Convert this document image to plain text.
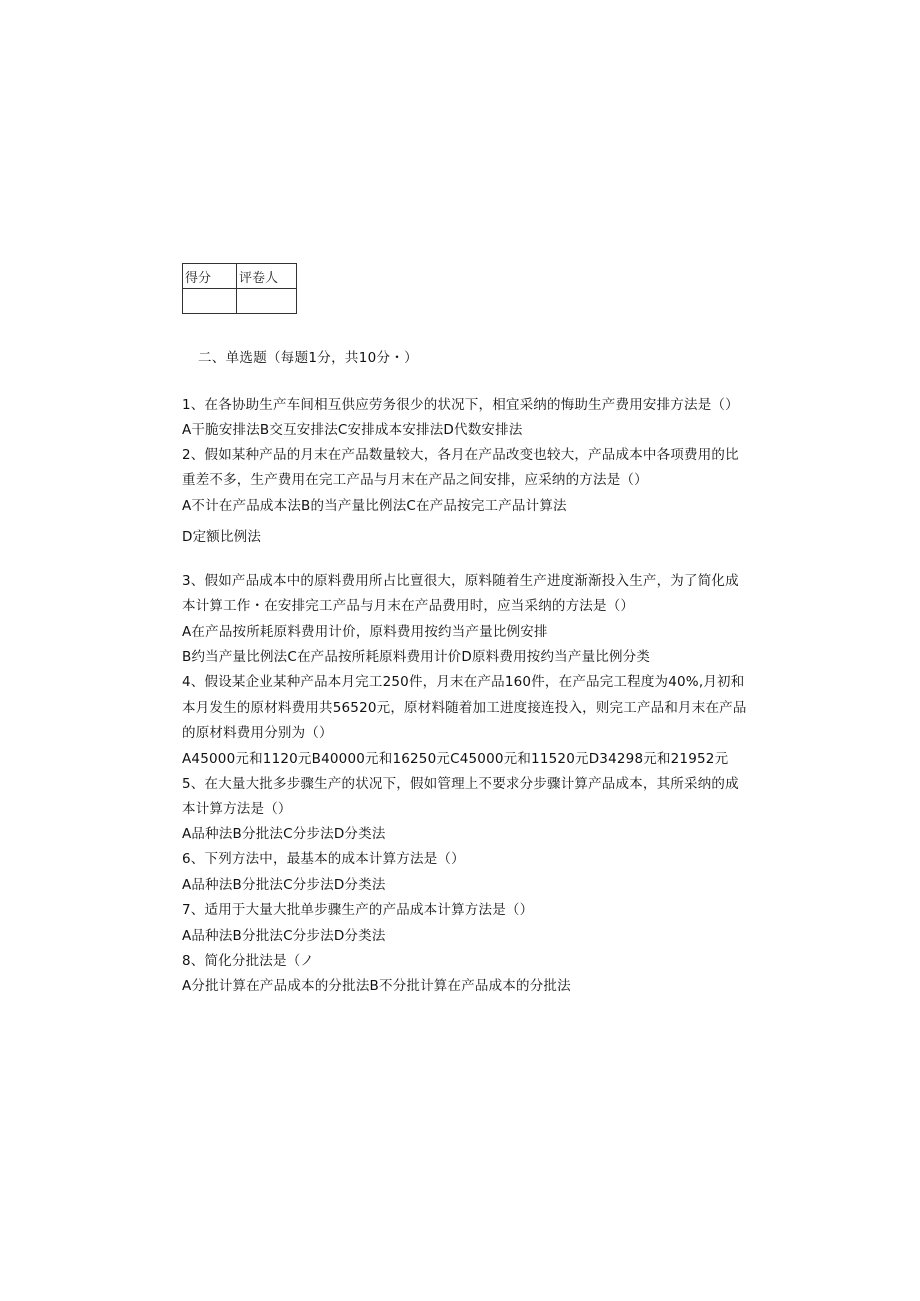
得分	评卷人

二、单选题（每题1分，共10分・）
1、在各协助生产车间相互供应劳务很少的状况下，相宜采纳的悔助生产费用安排方法是（）
A干脆安排法B交互安排法C安排成本安排法D代数安排法
2、假如某种产品的月末在产品数量较大，各月在产品改变也较大，产品成本中各项费用的比
重差不多，生产费用在完工产品与月末在产品之间安排，应采纳的方法是（）
A不计在产品成本法B的当产量比例法C在产品按完工产品计算法
D定额比例法
3、假如产品成本中的原料费用所占比亶很大，原料随着生产进度渐渐投入生产，为了简化成
本计算工作・在安排完工产品与月末在产品费用时，应当采纳的方法是（）
A在产品按所耗原料费用计价，原料费用按约当产量比例安排
B约当产量比例法C在产品按所耗原料费用计价D原料费用按约当产量比例分类
4、假设某企业某种产品本月完工250件，月末在产品160件，在产品完工程度为40%,月初和
本月发生的原材料费用共56520元，原材料随着加工进度接连投入，则完工产品和月末在产品
的原材料费用分别为（）
A45000元和1120元B40000元和16250元C45000元和11520元D34298元和21952元
5、在大量大批多步骤生产的状况下，假如管理上不要求分步骤计算产品成本，其所采纳的成
本计算方法是（）
A品种法B分批法C分步法D分类法
6、下列方法中，最基本的成本计算方法是（）
A品种法B分批法C分步法D分类法
7、适用于大量大批单步骤生产的产品成本计算方法是（）
A品种法B分批法C分步法D分类法
8、简化分批法是（ノ
A分批计算在产品成本的分批法B不分批计算在产品成本的分批法
